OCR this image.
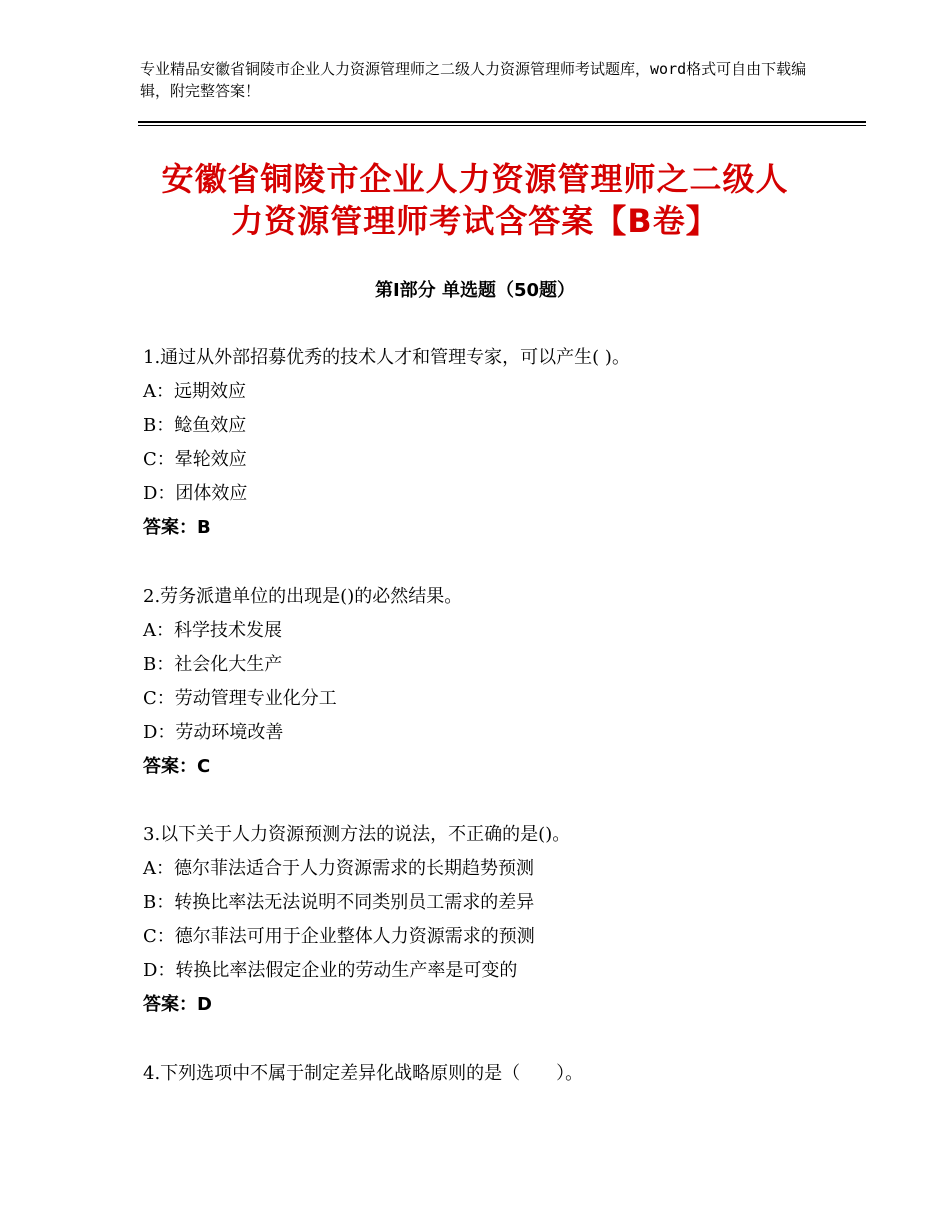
专业精品安徽省铜陵市企业人力资源管理师之二级人力资源管理师考试题库，word格式可自由下载编辑，附完整答案！
安徽省铜陵市企业人力资源管理师之二级人
力资源管理师考试含答案【B卷】
第Ⅰ部分 单选题（50题）
1.通过从外部招募优秀的技术人才和管理专家，可以产生( )。
A：远期效应
B：鲶鱼效应
C：晕轮效应
D：团体效应
答案：B
2.劳务派遣单位的出现是()的必然结果。
A：科学技术发展
B：社会化大生产
C：劳动管理专业化分工
D：劳动环境改善
答案：C
3.以下关于人力资源预测方法的说法，不正确的是()。
A：德尔菲法适合于人力资源需求的长期趋势预测
B：转换比率法无法说明不同类别员工需求的差异
C：德尔菲法可用于企业整体人力资源需求的预测
D：转换比率法假定企业的劳动生产率是可变的
答案：D
4.下列选项中不属于制定差异化战略原则的是（　　）。
